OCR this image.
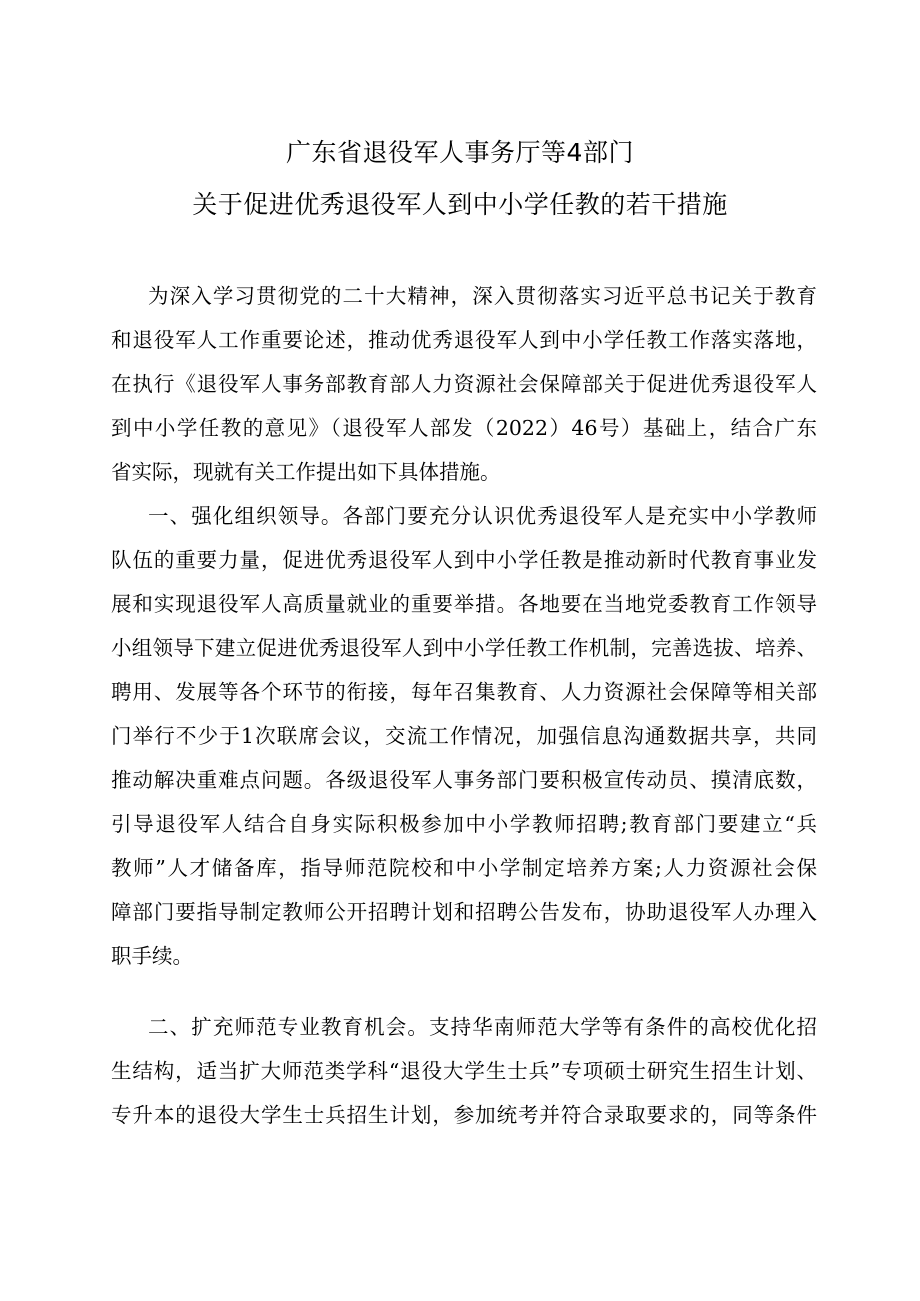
广东省退役军人事务厅等4部门
关于促进优秀退役军人到中小学任教的若干措施
为深入学习贯彻党的二十大精神，深入贯彻落实习近平总书记关于教育
和退役军人工作重要论述，推动优秀退役军人到中小学任教工作落实落地，
在执行《退役军人事务部教育部人力资源社会保障部关于促进优秀退役军人
到中小学任教的意见》（退役军人部发（2022）46号）基础上，结合广东
省实际，现就有关工作提出如下具体措施。
一、强化组织领导。各部门要充分认识优秀退役军人是充实中小学教师
队伍的重要力量，促进优秀退役军人到中小学任教是推动新时代教育事业发
展和实现退役军人高质量就业的重要举措。各地要在当地党委教育工作领导
小组领导下建立促进优秀退役军人到中小学任教工作机制，完善选拔、培养、
聘用、发展等各个环节的衔接，每年召集教育、人力资源社会保障等相关部
门举行不少于1次联席会议，交流工作情况，加强信息沟通数据共享，共同
推动解决重难点问题。各级退役军人事务部门要积极宣传动员、摸清底数，
引导退役军人结合自身实际积极参加中小学教师招聘;教育部门要建立“兵
教师”人才储备库，指导师范院校和中小学制定培养方案;人力资源社会保
障部门要指导制定教师公开招聘计划和招聘公告发布，协助退役军人办理入
职手续。
二、扩充师范专业教育机会。支持华南师范大学等有条件的高校优化招
生结构，适当扩大师范类学科“退役大学生士兵”专项硕士研究生招生计划、
专升本的退役大学生士兵招生计划，参加统考并符合录取要求的，同等条件
